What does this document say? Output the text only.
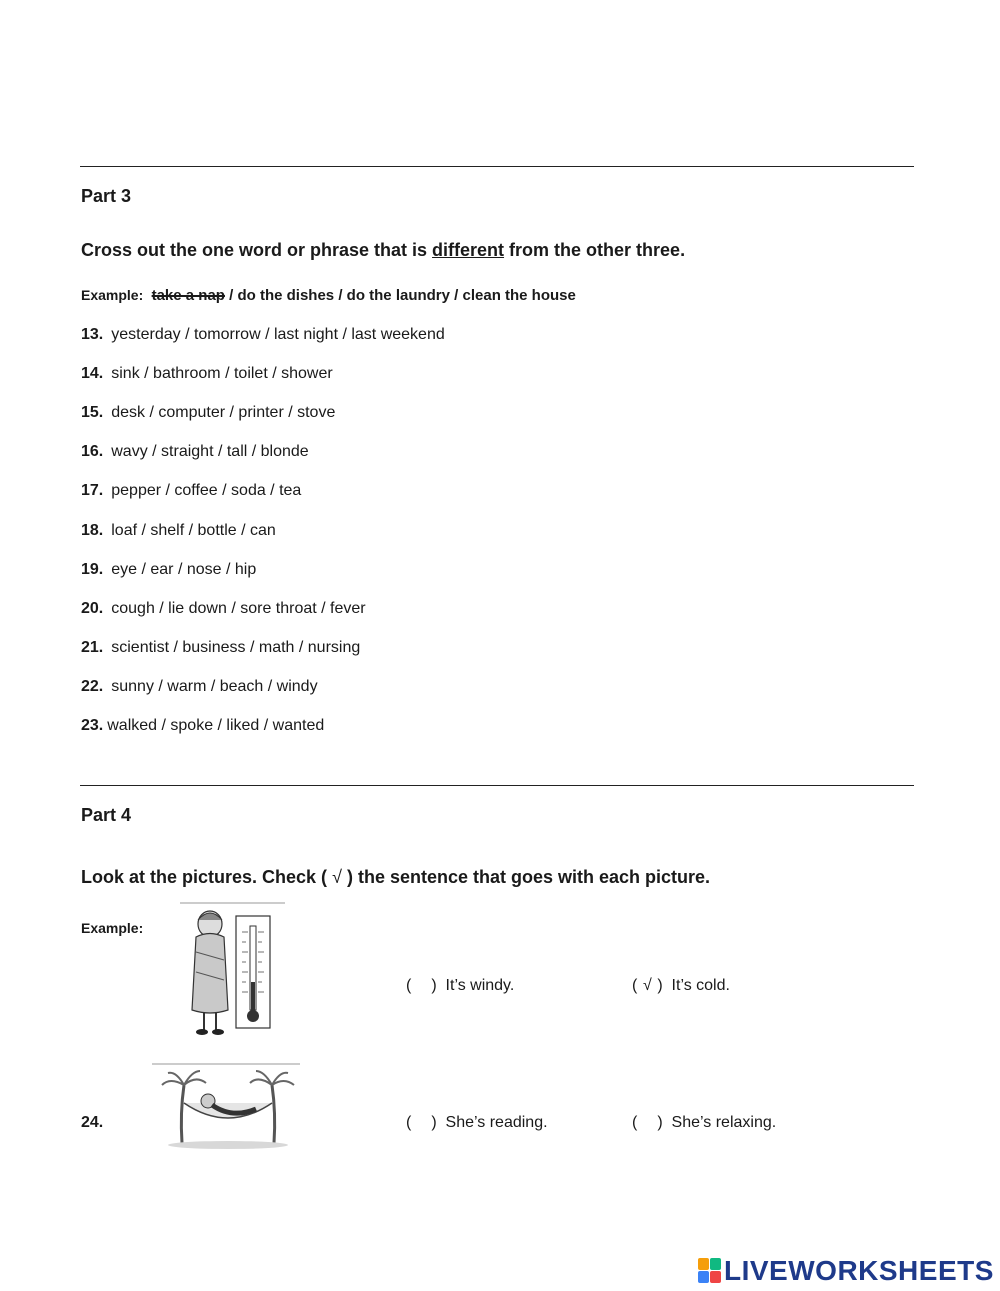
Part 3
Cross out the one word or phrase that is different from the other three.
Example: take a nap / do the dishes / do the laundry / clean the house
13. yesterday / tomorrow / last night / last weekend
14. sink / bathroom / toilet / shower
15. desk / computer / printer / stove
16. wavy / straight / tall / blonde
17. pepper / coffee / soda / tea
18. loaf / shelf / bottle / can
19. eye / ear / nose / hip
20. cough / lie down / sore throat / fever
21. scientist / business / math / nursing
22. sunny / warm / beach / windy
23. walked / spoke / liked / wanted
Part 4
Look at the pictures. Check ( √ ) the sentence that goes with each picture.
Example:
( ) It’s windy.	( √ ) It’s cold.
24.	( ) She’s reading.	( ) She’s relaxing.
LIVEWORKSHEETS
